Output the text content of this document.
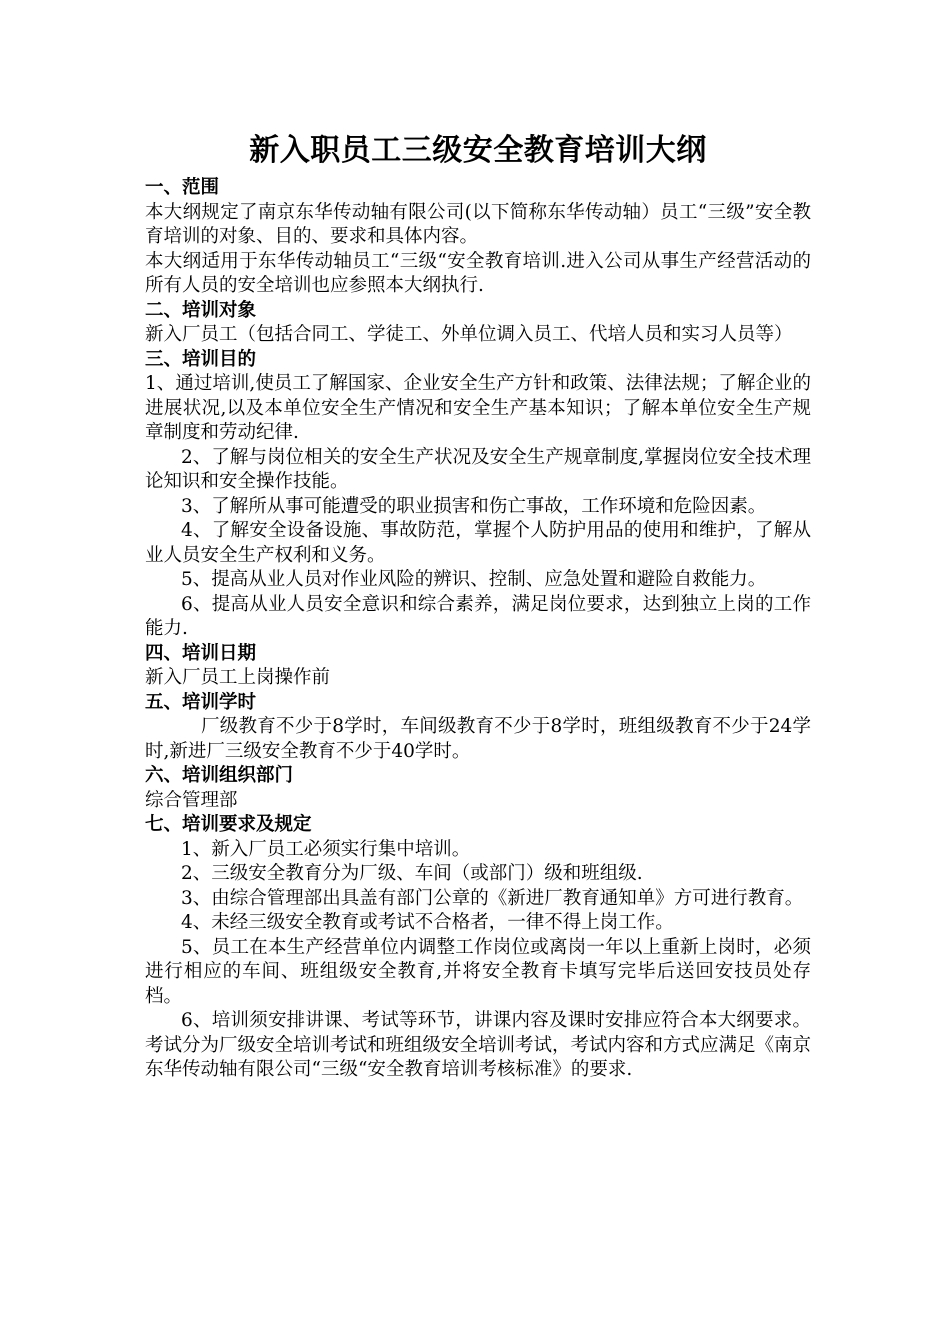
新入职员工三级安全教育培训大纲
一、范围

本大纲规定了南京东华传动轴有限公司(以下简称东华传动轴）员工“三级”安全教育培训的对象、目的、要求和具体内容。

本大纲适用于东华传动轴员工“三级“安全教育培训.进入公司从事生产经营活动的所有人员的安全培训也应参照本大纲执行.

二、培训对象

新入厂员工（包括合同工、学徒工、外单位调入员工、代培人员和实习人员等）

三、培训目的

1、通过培训,使员工了解国家、企业安全生产方针和政策、法律法规；了解企业的进展状况,以及本单位安全生产情况和安全生产基本知识；了解本单位安全生产规章制度和劳动纪律.

2、了解与岗位相关的安全生产状况及安全生产规章制度,掌握岗位安全技术理论知识和安全操作技能。

3、了解所从事可能遭受的职业损害和伤亡事故，工作环境和危险因素。

4、了解安全设备设施、事故防范，掌握个人防护用品的使用和维护，了解从业人员安全生产权利和义务。

5、提高从业人员对作业风险的辨识、控制、应急处置和避险自救能力。

6、提高从业人员安全意识和综合素养，满足岗位要求，达到独立上岗的工作能力.

四、培训日期

新入厂员工上岗操作前

五、培训学时

厂级教育不少于8学时，车间级教育不少于8学时，班组级教育不少于24学时,新进厂三级安全教育不少于40学时。

六、培训组织部门

综合管理部

七、培训要求及规定

1、新入厂员工必须实行集中培训。

2、三级安全教育分为厂级、车间（或部门）级和班组级.

3、由综合管理部出具盖有部门公章的《新进厂教育通知单》方可进行教育。

4、未经三级安全教育或考试不合格者，一律不得上岗工作。

5、员工在本生产经营单位内调整工作岗位或离岗一年以上重新上岗时，必须进行相应的车间、班组级安全教育,并将安全教育卡填写完毕后送回安技员处存档。

6、培训须安排讲课、考试等环节，讲课内容及课时安排应符合本大纲要求。考试分为厂级安全培训考试和班组级安全培训考试，考试内容和方式应满足《南京东华传动轴有限公司“三级“安全教育培训考核标准》的要求.
